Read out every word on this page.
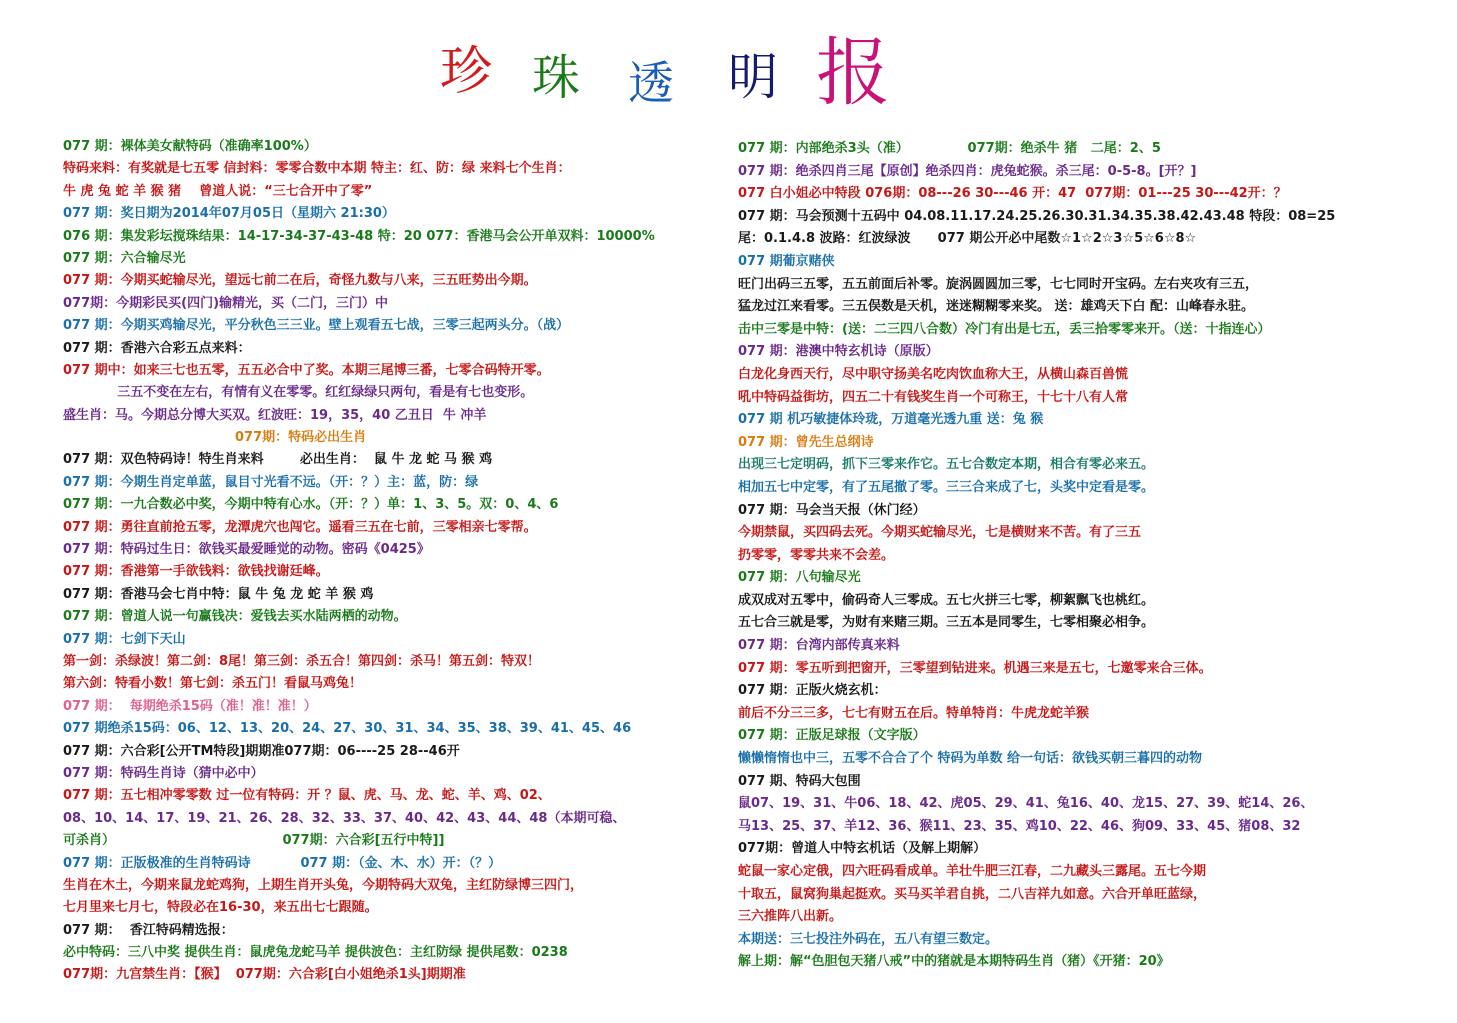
珍 珠 透 明 报
077 期：裸体美女献特码（准确率100%）
特码来料：有奖就是七五零 信封料：零零合数中本期 特主：红、防：绿 来料七个生肖：
牛 虎 兔 蛇 羊 猴 猪    曾道人说：“三七合开中了零”
077 期：奖日期为2014年07月05日（星期六 21:30）
076 期：集发彩坛搅珠结果：14-17-34-37-43-48 特：20 077：香港马会公开单双料：10000%
077 期：六合输尽光
077 期：今期买蛇输尽光，望远七前二在后，奇怪九数与八来，三五旺势出今期。
077期：今期彩民买(四门)输精光，买（二门，三门）中
077 期：今期买鸡输尽光，平分秋色三三业。壁上观看五七战，三零三起两头分。（战）
077 期：香港六合彩五点来料：
077 期中：如来三七也五零，五五必合中了奖。本期三尾博三番，七零合码特开零。
三五不变在左右，有情有义在零零。红红绿绿只两句，看是有七也变形。
盛生肖：马。今期总分博大买双。红波旺：19，35，40 乙丑日  牛 冲羊
077期：特码必出生肖
077 期：双色特码诗！特生肖来料        必出生肖：  鼠 牛 龙 蛇 马 猴 鸡
077 期：今期生肖定单蓝，鼠目寸光看不远。（开：？）主：蓝，防：绿
077 期：一九合数必中奖，今期中特有心水。（开：？）单：1、3、5。双：0、4、6
077 期：勇往直前抢五零，龙潭虎穴也闯它。遥看三五在七前，三零相亲七零帮。
077 期：特码过生日：欲钱买最爱睡觉的动物。密码《0425》
077 期：香港第一手欲钱料：欲钱找谢廷峰。
077 期：香港马会七肖中特：鼠 牛 兔 龙 蛇 羊 猴 鸡
077 期：曾道人说一句赢钱决：爱钱去买水陆两栖的动物。
077 期：七剑下天山
第一剑：杀绿波！第二剑：8尾！第三剑：杀五合！第四剑：杀马！第五剑：特双！
第六剑：特看小数！第七剑：杀五门！看鼠马鸡兔！
077 期：  每期绝杀15码（准！准！准！）
077 期绝杀15码：06、12、13、20、24、27、30、31、34、35、38、39、41、45、46
077 期：六合彩[公开TM特段]期期准077期：06----25 28--46开
077 期：特码生肖诗（猜中必中）
077 期：五七相冲零零数 过一位有特码：开 ？鼠、虎、马、龙、蛇、羊、鸡、02、
08、10、14、17、19、21、26、28、32、33、37、40、42、43、44、48（本期可稳、
可杀肖）                                     077期：六合彩[五行中特]]
077 期：正版极准的生肖特码诗           077 期：（金、木、水）开：（？）
生肖在木土，今期来鼠龙蛇鸡狗，上期生肖开头兔，今期特码大双兔，主红防绿博三四门，
七月里来七月七，特段必在16-30，来五出七七跟随。
077 期：  香江特码精选报：
必中特码：三八中奖 提供生肖：鼠虎兔龙蛇马羊 提供波色：主红防绿 提供尾数：0238
077期：九宫禁生肖：【猴】  077期：六合彩[白小姐绝杀1头]期期准
077 期：内部绝杀3头（准）             077期：绝杀牛 猪   二尾：2、5
077 期：绝杀四肖三尾【原创】绝杀四肖：虎兔蛇猴。杀三尾：0-5-8。[开？]
077 白小姐必中特段 076期：08---26 30---46 开：47  077期：01---25 30---42开：？
077 期：马会预测十五码中 04.08.11.17.24.25.26.30.31.34.35.38.42.43.48 特段：08=25
尾：0.1.4.8 波路：红波绿波      077 期公开必中尾数☆1☆2☆3☆5☆6☆8☆
077 期葡京赌侠
旺门出码三五零，五五前面后补零。旋涡圆圆加三零，七七同时开宝码。左右夹攻有三五，
猛龙过江来看零。三五俣数是天机，迷迷糊糊零来奖。 送：雄鸡天下白 配：山峰春永驻。
击中三零是中特：(送：二三四八合数）冷门有出是七五，丢三拾零零来开。（送：十指连心）
077 期：港澳中特玄机诗（原版）
白龙化身西天行，尽中职守扬美名吃肉饮血称大王，从横山森百兽慌
吼中特码益街坊，四五二十有钱奖生肖一个可称王，十七十八有人常
077 期 机巧敏捷体玲珑，万道毫光透九重 送：兔 猴
077 期：曾先生总纲诗
出现三七定明码，抓下三零来作它。五七合数定本期，相合有零必来五。
相加五七中定零，有了五尾撤了零。三三合来成了七，头奖中定看是零。
077 期：马会当天报（休门经）
今期禁鼠，买四码去死。今期买蛇输尽光，七是横财来不苦。有了三五
扔零零，零零共来不会差。
077 期：八句输尽光
成双成对五零中，偷码奇人三零成。五七火拼三七零，柳絮飘飞也桃红。
五七合三就是零，为财有来赌三期。三五本是同零生，七零相聚必相争。
077 期：台湾内部传真来料
077 期：零五听到把窗开，三零望到钻进来。机遇三来是五七，七邀零来合三体。
077 期：正版火烧玄机：
前后不分三三多，七七有财五在后。特单特肖：牛虎龙蛇羊猴
077 期：正版足球报（文字版）
懒懒惰惰也中三，五零不合合了个 特码为单数 给一句话：欲钱买朝三暮四的动物
077 期、特码大包围
鼠07、19、31、牛06、18、42、虎05、29、41、兔16、40、龙15、27、39、蛇14、26、
马13、25、37、羊12、36、猴11、23、35、鸡10、22、46、狗09、33、45、猪08、32
077期：曾道人中特玄机话（及解上期解）
蛇鼠一家心定俄，四六旺码看成单。羊壮牛肥三江春，二九藏头三露尾。五七今期
十取五，鼠窝狗巢起挺欢。买马买羊君自挑，二八吉祥九如意。六合开单旺蓝绿，
三六推阵八出新。
本期送：三七投注外码在，五八有望三数定。
解上期：解“色胆包天猪八戒”中的猪就是本期特码生肖（猪）《开猪：20》
